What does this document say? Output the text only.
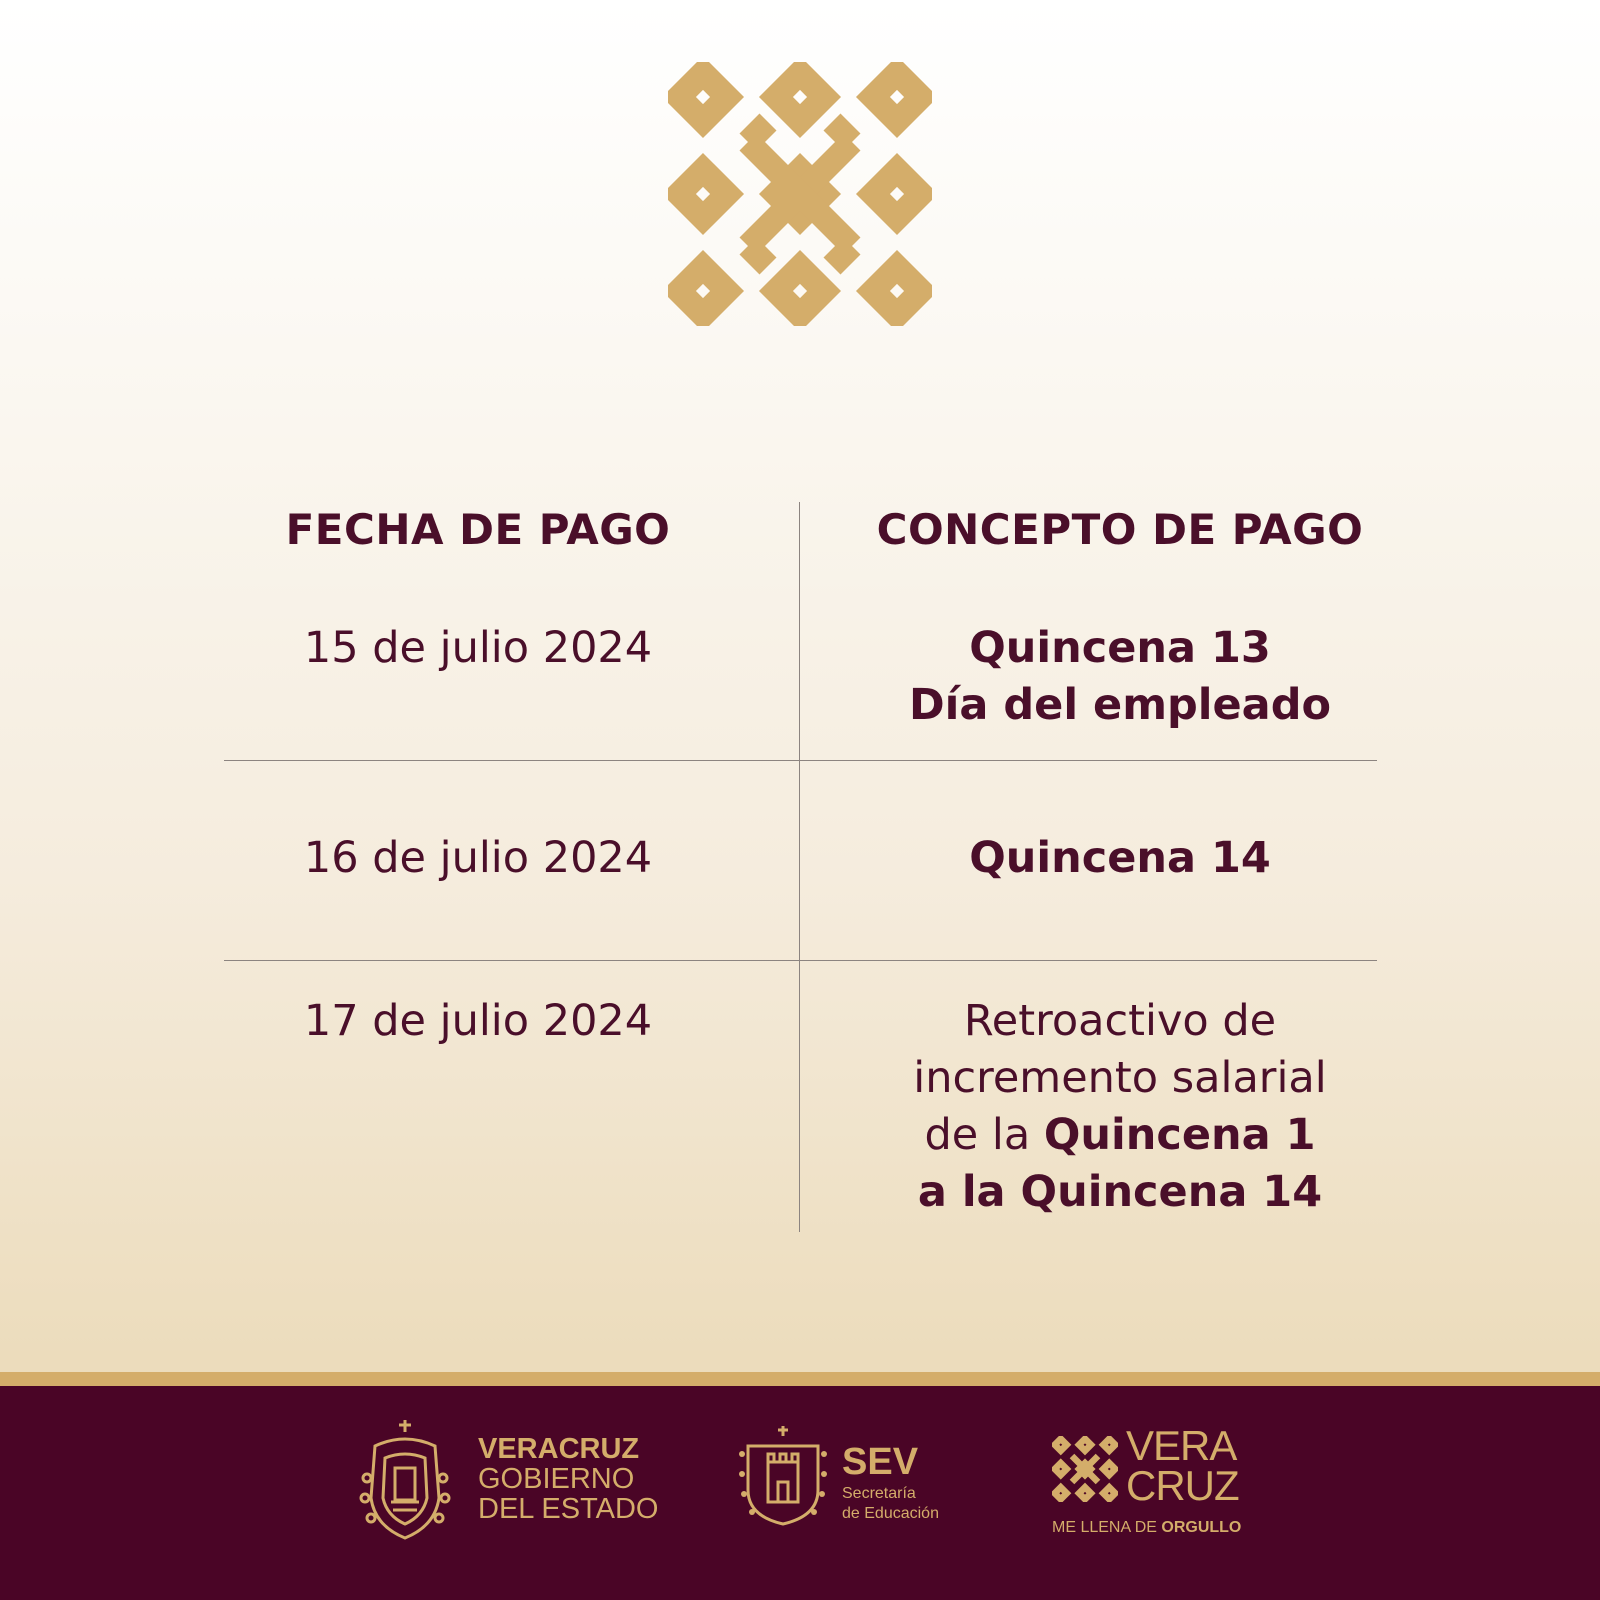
FECHA DE PAGO	CONCEPTO DE PAGO
15 de julio 2024	Quincena 13
Día del empleado
16 de julio 2024	Quincena 14
17 de julio 2024	Retroactivo de
incremento salarial
de la Quincena 1
a la Quincena 14
VERACRUZ
GOBIERNO
DEL ESTADO
SEV
Secretaría
de Educación
VERA
CRUZ
ME LLENA DE ORGULLO
